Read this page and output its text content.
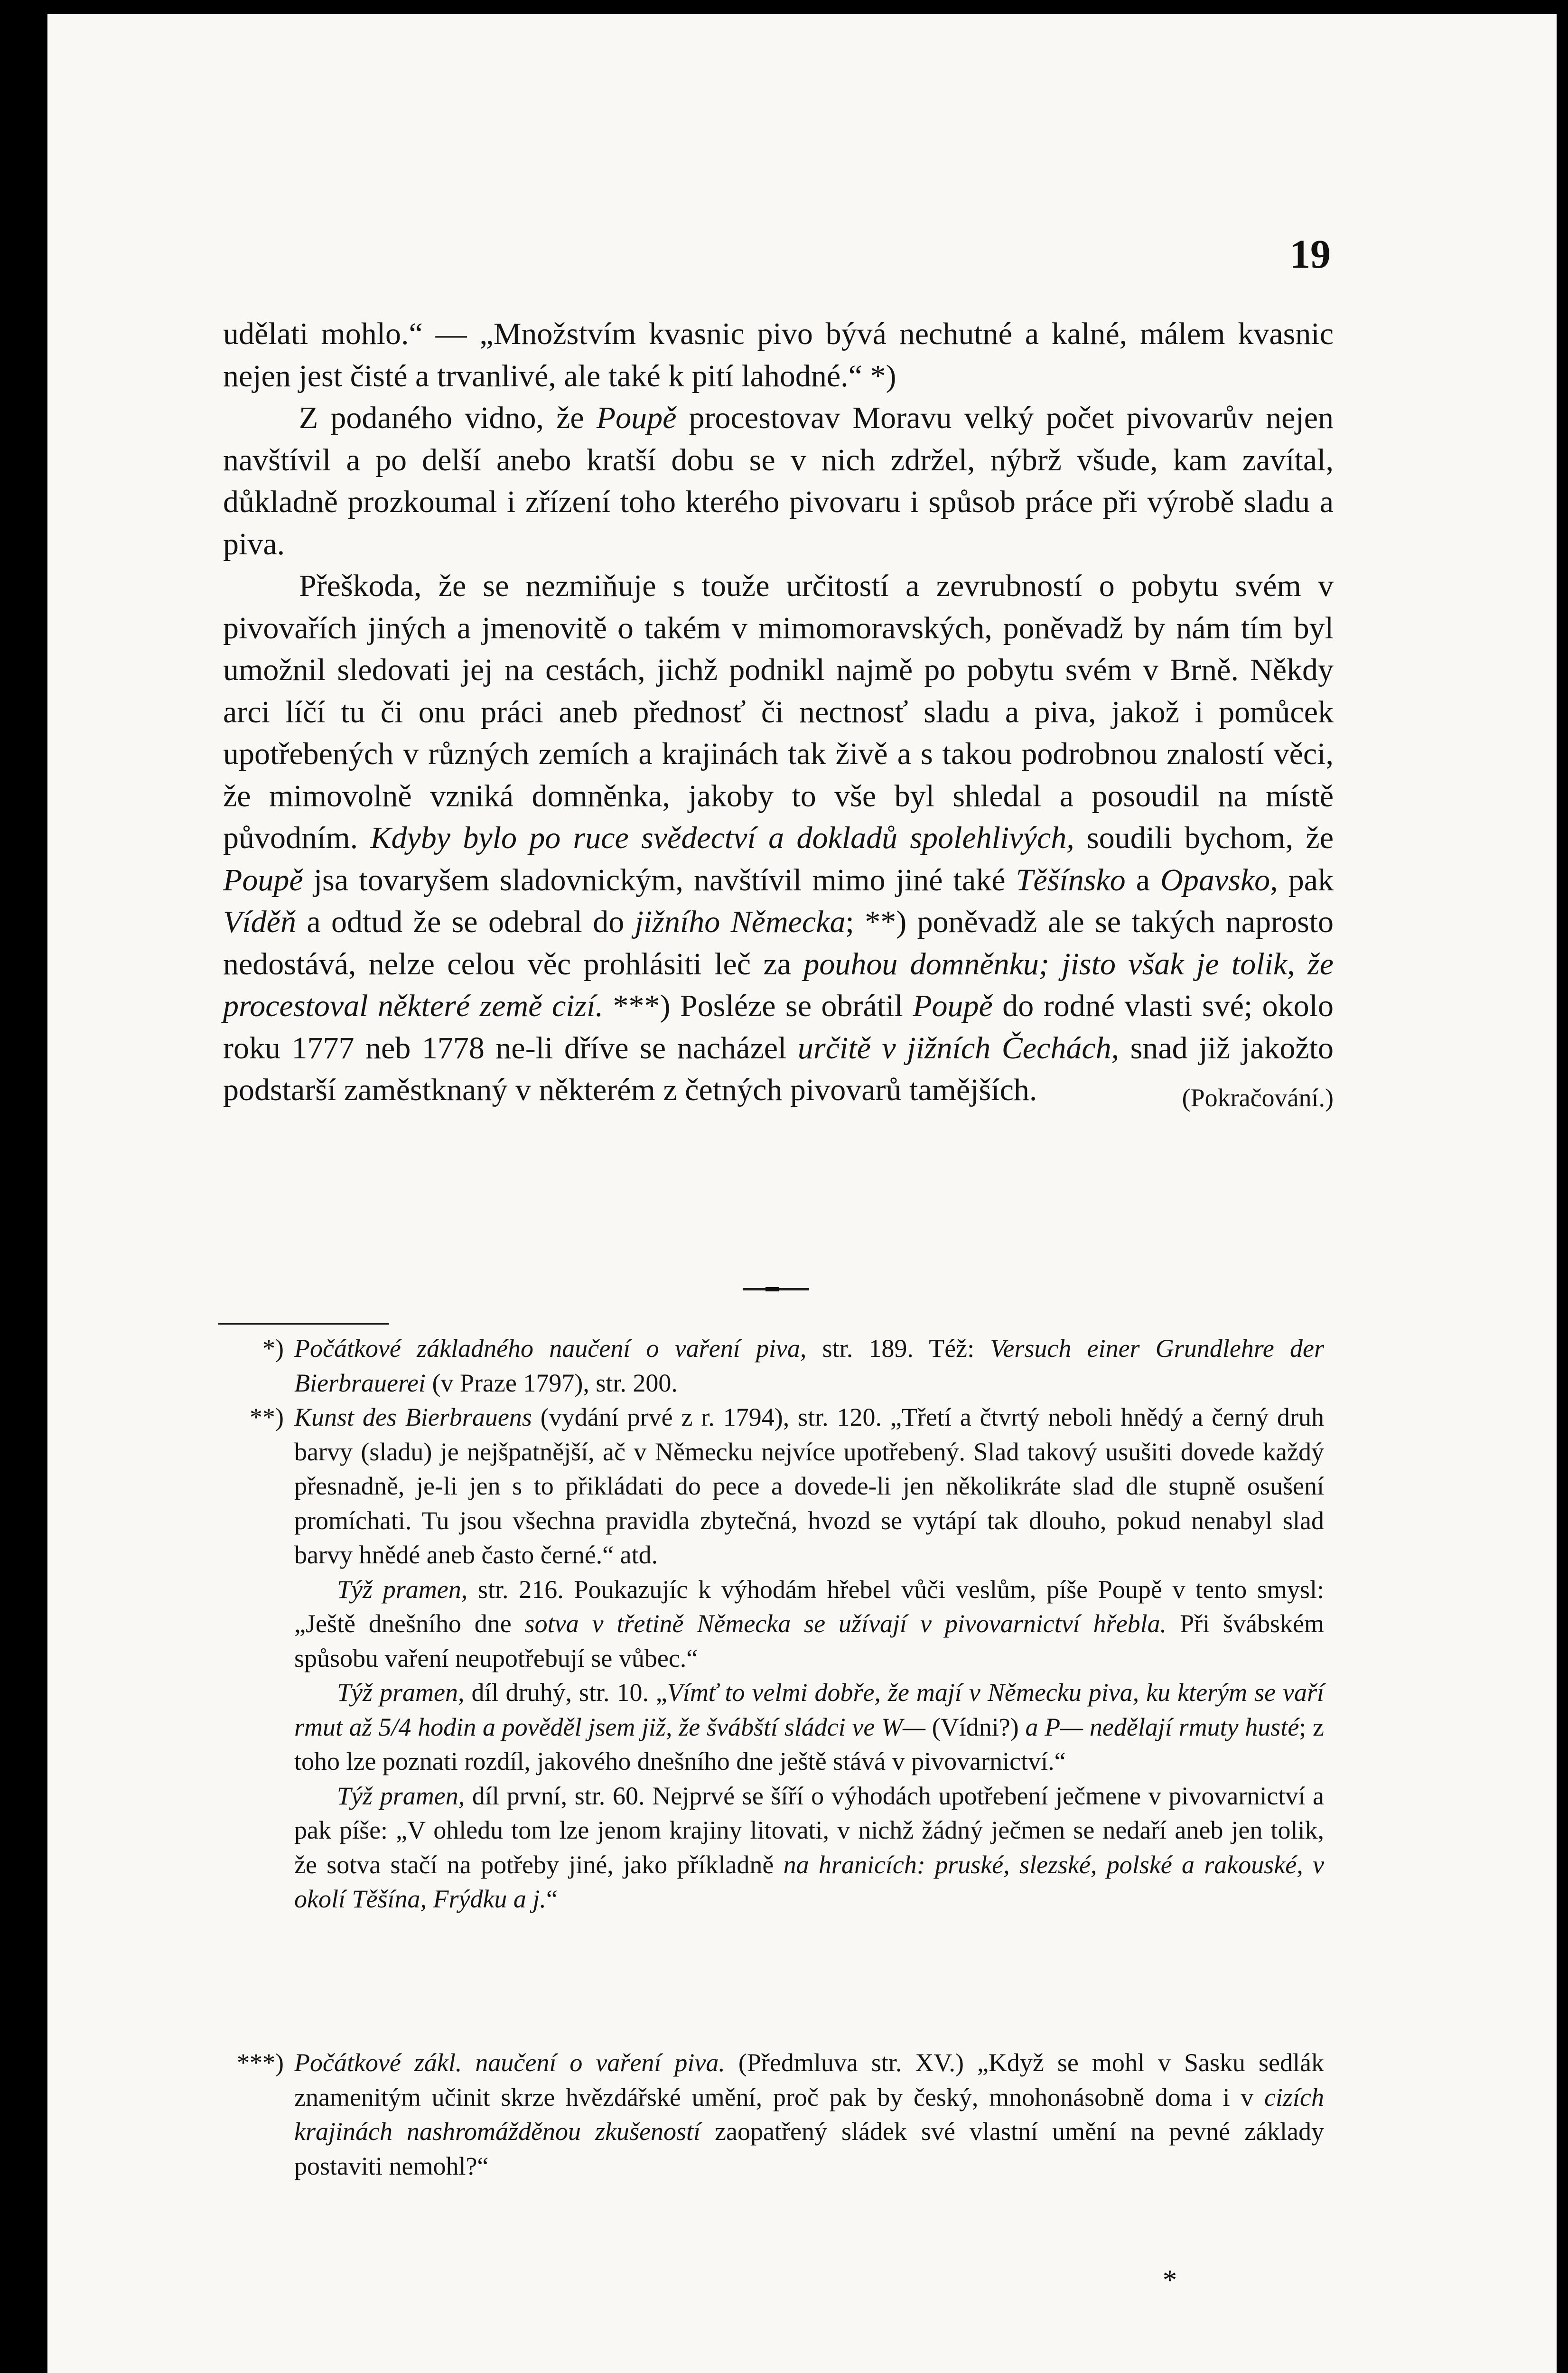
19

udělati mohlo.“ — „Množstvím kvasnic pivo bývá nechutné a kalné, málem kvasnic nejen jest čisté a trvanlivé, ale také k pití lahodné.“ *)

Z podaného vidno, že Poupě procestovav Moravu velký počet pivovarův nejen navštívil a po delší anebo kratší dobu se v nich zdržel, nýbrž všude, kam zavítal, důkladně prozkoumal i zřízení toho kterého pivovaru i spůsob práce při výrobě sladu a piva.

Přeškoda, že se nezmiňuje s touže určitostí a zevrubností o pobytu svém v pivovařích jiných a jmenovitě o takém v mimomoravských, poněvadž by nám tím byl umožnil sledovati jej na cestách, jichž podnikl najmě po pobytu svém v Brně. Někdy arci líčí tu či onu práci aneb přednosť či nectnosť sladu a piva, jakož i pomůcek upotřebených v různých zemích a krajinách tak živě a s takou podrobnou znalostí věci, že mimovolně vzniká domněnka, jakoby to vše byl shledal a posoudil na místě původním. Kdyby bylo po ruce svědectví a dokladů spolehlivých, soudili bychom, že Poupě jsa tovaryšem sladovnickým, navštívil mimo jiné také Těšínsko a Opavsko, pak Víděň a odtud že se odebral do jižního Německa; **) poněvadž ale se takých naprosto nedostává, nelze celou věc prohlásiti leč za pouhou domněnku; jisto však je tolik, že procestoval některé země cizí. ***) Posléze se obrátil Poupě do rodné vlasti své; okolo roku 1777 neb 1778 ne-li dříve se nacházel určitě v jižních Čechách, snad již jakožto podstarší zaměstknaný v některém z četných pivovarů tamějších.	(Pokračování.)

*) Počátkové základného naučení o vaření piva, str. 189. Též: Versuch einer Grundlehre der Bierbrauerei (v Praze 1797), str. 200.

**) Kunst des Bierbrauens (vydání prvé z r. 1794), str. 120. „Třetí a čtvrtý neboli hnědý a černý druh barvy (sladu) je nejšpatnější, ač v Německu nejvíce upotřebený. Slad takový usušiti dovede každý přesnadně, je-li jen s to přikládati do pece a dovede-li jen několikráte slad dle stupně osušení promíchati. Tu jsou všechna pravidla zbytečná, hvozd se vytápí tak dlouho, pokud nenabyl slad barvy hnědé aneb často černé.“ atd.

Týž pramen, str. 216. Poukazujíc k výhodám hřebel vůči veslům, píše Poupě v tento smysl: „Ještě dnešního dne sotva v třetině Německa se užívají v pivovarnictví hřebla. Při švábském spůsobu vaření neupotřebují se vůbec.“

Týž pramen, díl druhý, str. 10. „Vímť to velmi dobře, že mají v Německu piva, ku kterým se vaří rmut až 5/4 hodin a pověděl jsem již, že švábští sládci ve W— (Vídni?) a P— nedělají rmuty husté; z toho lze poznati rozdíl, jakového dnešního dne ještě stává v pivovarnictví.“

Týž pramen, díl první, str. 60. Nejprvé se šíří o výhodách upotřebení ječmene v pivovarnictví a pak píše: „V ohledu tom lze jenom krajiny litovati, v nichž žádný ječmen se nedaří aneb jen tolik, že sotva stačí na potřeby jiné, jako příkladně na hranicích: pruské, slezské, polské a rakouské, v okolí Těšína, Frýdku a j.“

***) Počátkové zákl. naučení o vaření piva. (Předmluva str. XV.) „Když se mohl v Sasku sedlák znamenitým učinit skrze hvězdářské umění, proč pak by český, mnohonásobně doma i v cizích krajinách nashromážděnou zkušeností zaopatřený sládek své vlastní umění na pevné základy postaviti nemohl?“

*
